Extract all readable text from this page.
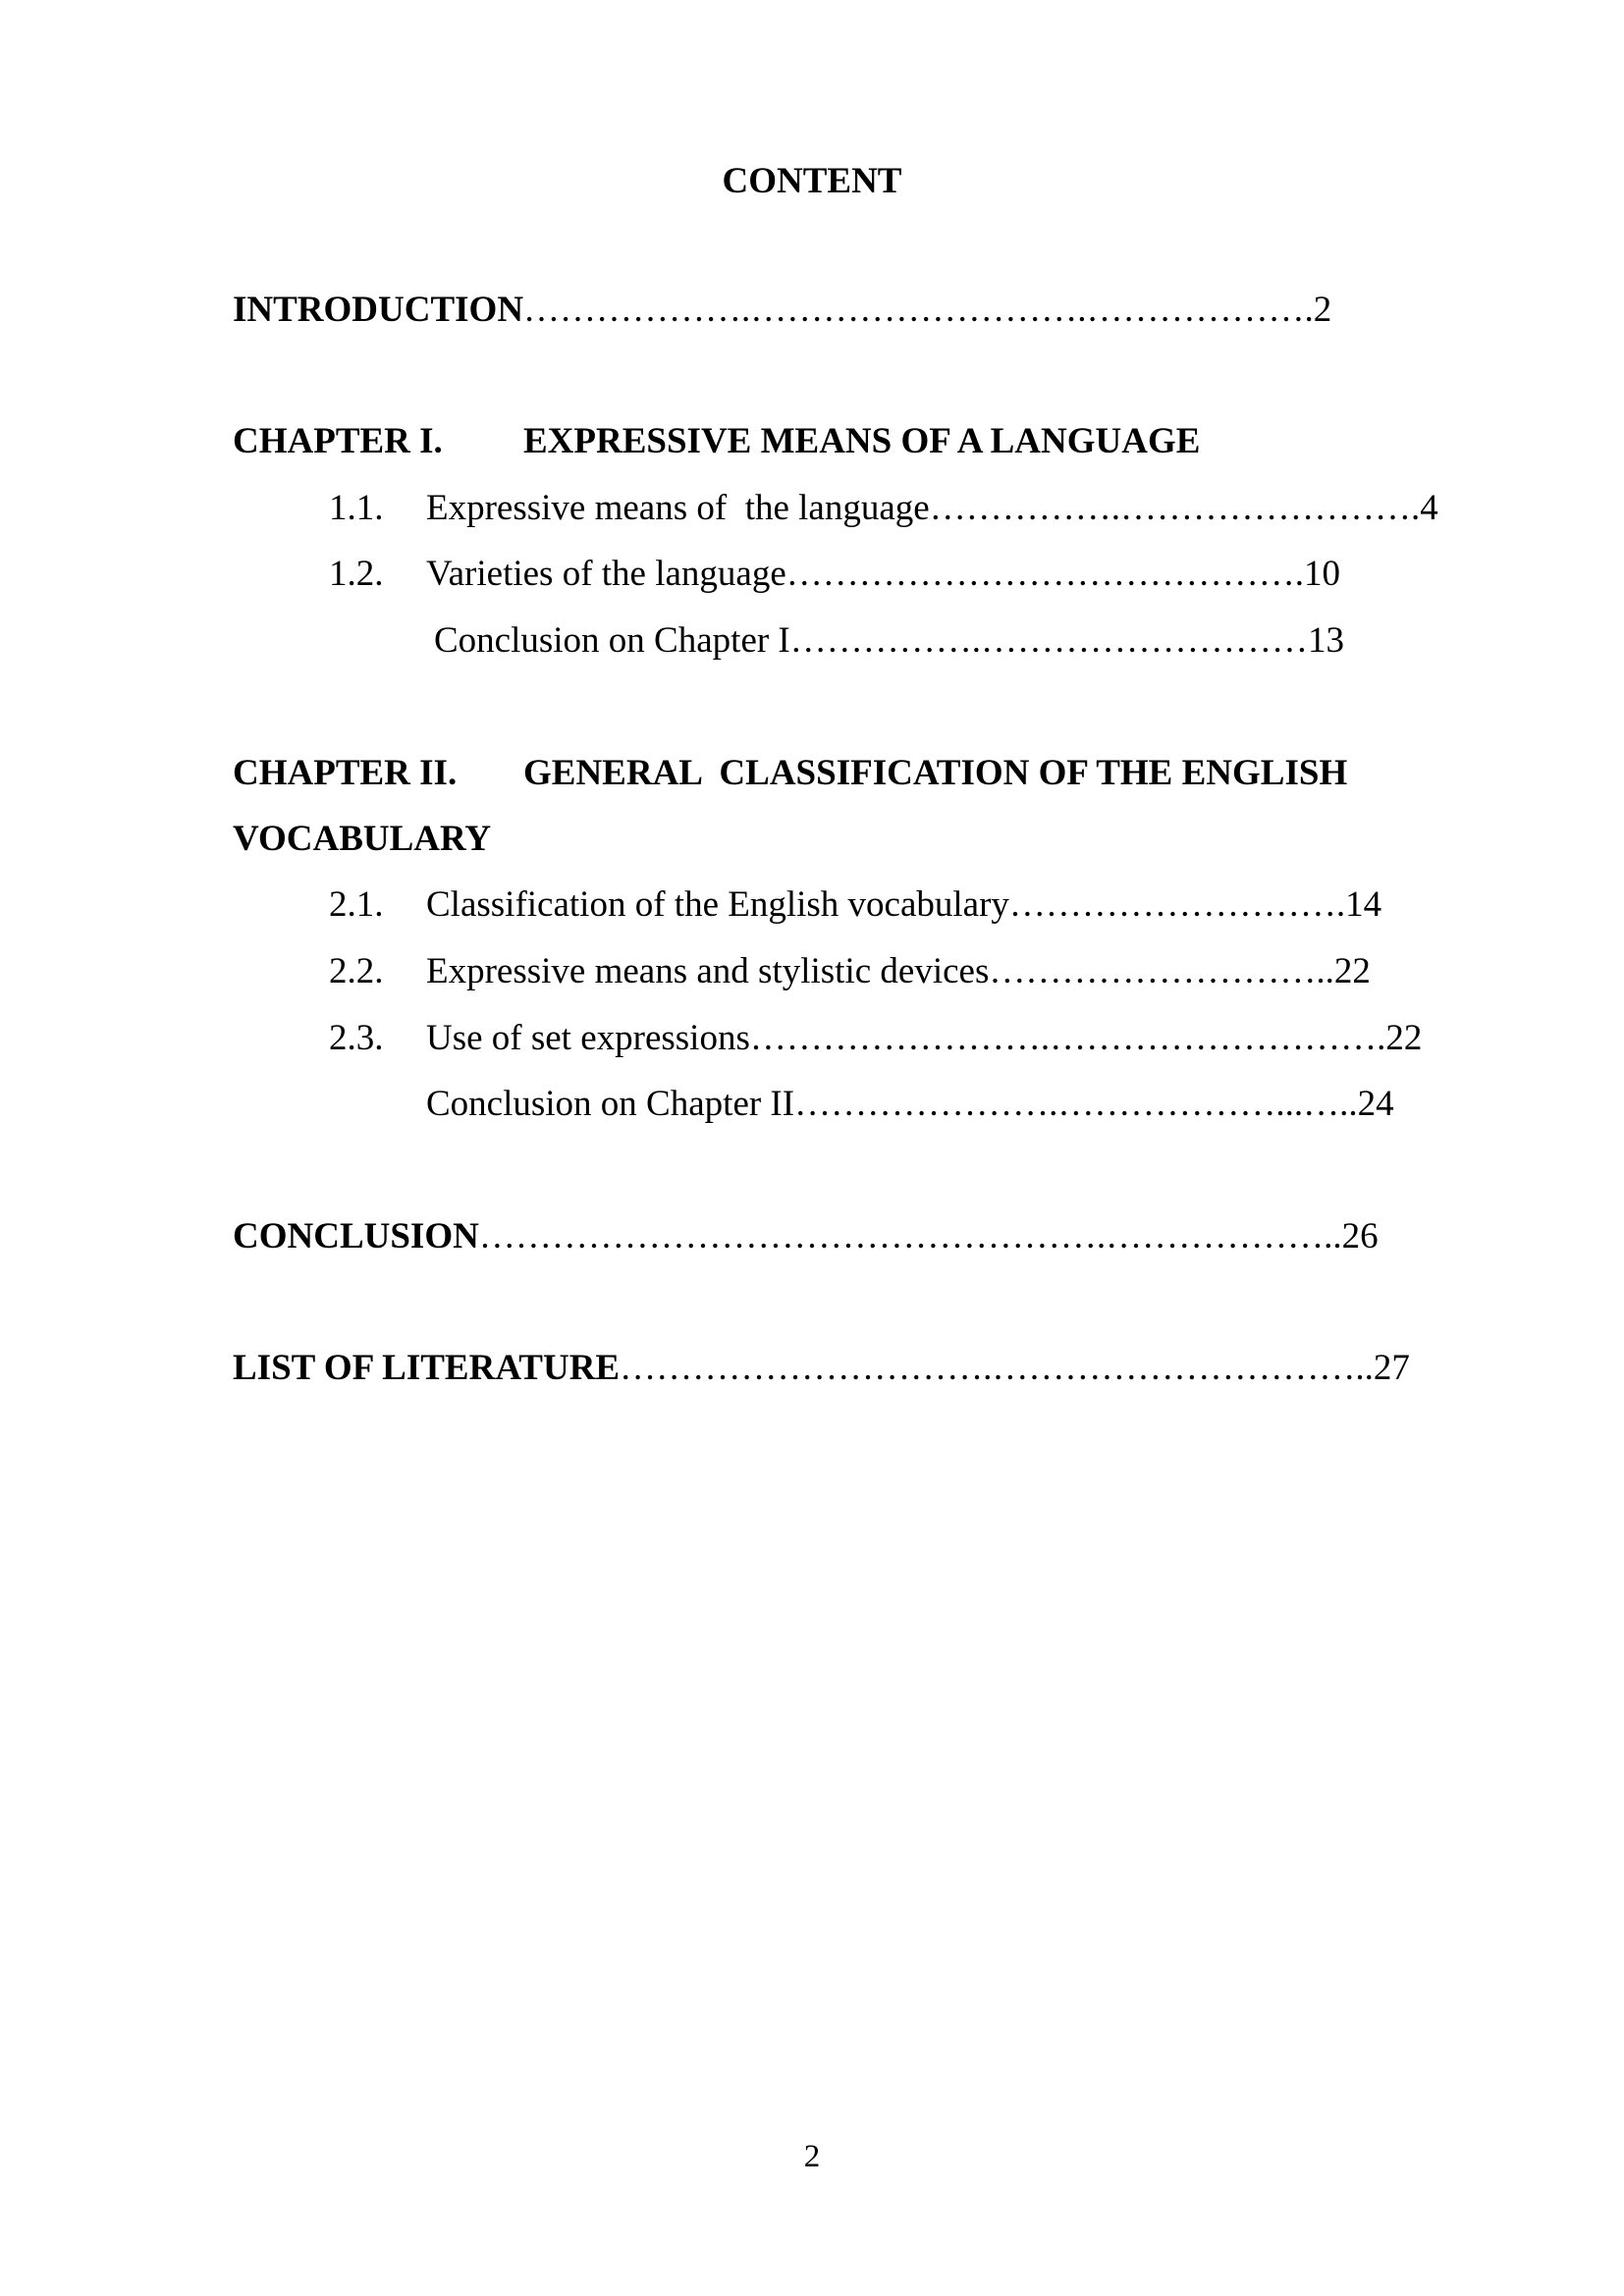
CONTENT
INTRODUCTION……………….……………………….……………….2
CHAPTER I. EXPRESSIVE MEANS OF A LANGUAGE
1.1. Expressive means of  the language…………….…………………….4
1.2. Varieties of the language…………………………………….10
Conclusion on Chapter I…………….………………………13
CHAPTER II. GENERAL  CLASSIFICATION OF THE ENGLISH
VOCABULARY
2.1. Classification of the English vocabulary……………………….14
2.2. Expressive means and stylistic devices………………………..22
2.3. Use of set expressions…………………….……………………….22
Conclusion on Chapter II………………….………………...…..24
CONCLUSION…………………………………………….………………..26
LIST OF LITERATURE………………………….…………………………..27
2
